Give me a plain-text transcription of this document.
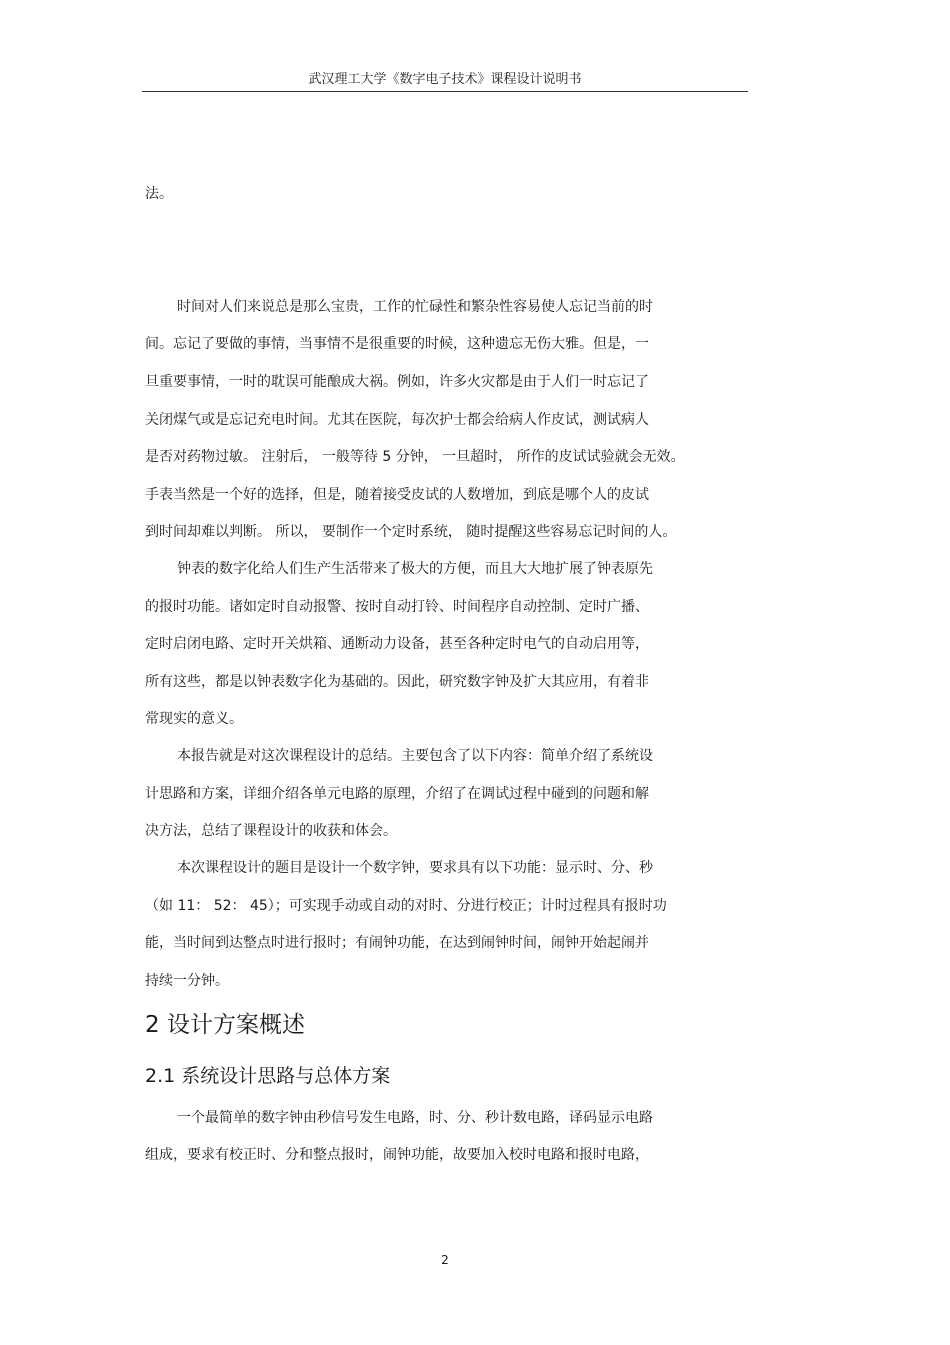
武汉理工大学《数字电子技术》课程设计说明书
法。
时间对人们来说总是那么宝贵，工作的忙碌性和繁杂性容易使人忘记当前的时
间。忘记了要做的事情，当事情不是很重要的时候，这种遗忘无伤大雅。但是，一
旦重要事情，一时的耽误可能酿成大祸。例如，许多火灾都是由于人们一时忘记了
关闭煤气或是忘记充电时间。尤其在医院，每次护士都会给病人作皮试，测试病人
是否对药物过敏。 注射后， 一般等待 5 分钟， 一旦超时， 所作的皮试试验就会无效。
手表当然是一个好的选择，但是，随着接受皮试的人数增加，到底是哪个人的皮试
到时间却难以判断。 所以， 要制作一个定时系统， 随时提醒这些容易忘记时间的人。
钟表的数字化给人们生产生活带来了极大的方便，而且大大地扩展了钟表原先
的报时功能。诸如定时自动报警、按时自动打铃、时间程序自动控制、定时广播、
定时启闭电路、定时开关烘箱、通断动力设备，甚至各种定时电气的自动启用等，
所有这些，都是以钟表数字化为基础的。因此，研究数字钟及扩大其应用，有着非
常现实的意义。
本报告就是对这次课程设计的总结。主要包含了以下内容：简单介绍了系统设
计思路和方案，详细介绍各单元电路的原理，介绍了在调试过程中碰到的问题和解
决方法，总结了课程设计的收获和体会。
本次课程设计的题目是设计一个数字钟，要求具有以下功能：显示时、分、秒
（如 11： 52： 45）；可实现手动或自动的对时、分进行校正；计时过程具有报时功
能，当时间到达整点时进行报时；有闹钟功能，在达到闹钟时间，闹钟开始起闹并
持续一分钟。
2 设计方案概述
2.1 系统设计思路与总体方案
一个最简单的数字钟由秒信号发生电路，时、分、秒计数电路，译码显示电路
组成，要求有校正时、分和整点报时，闹钟功能，故要加入校时电路和报时电路，
2
